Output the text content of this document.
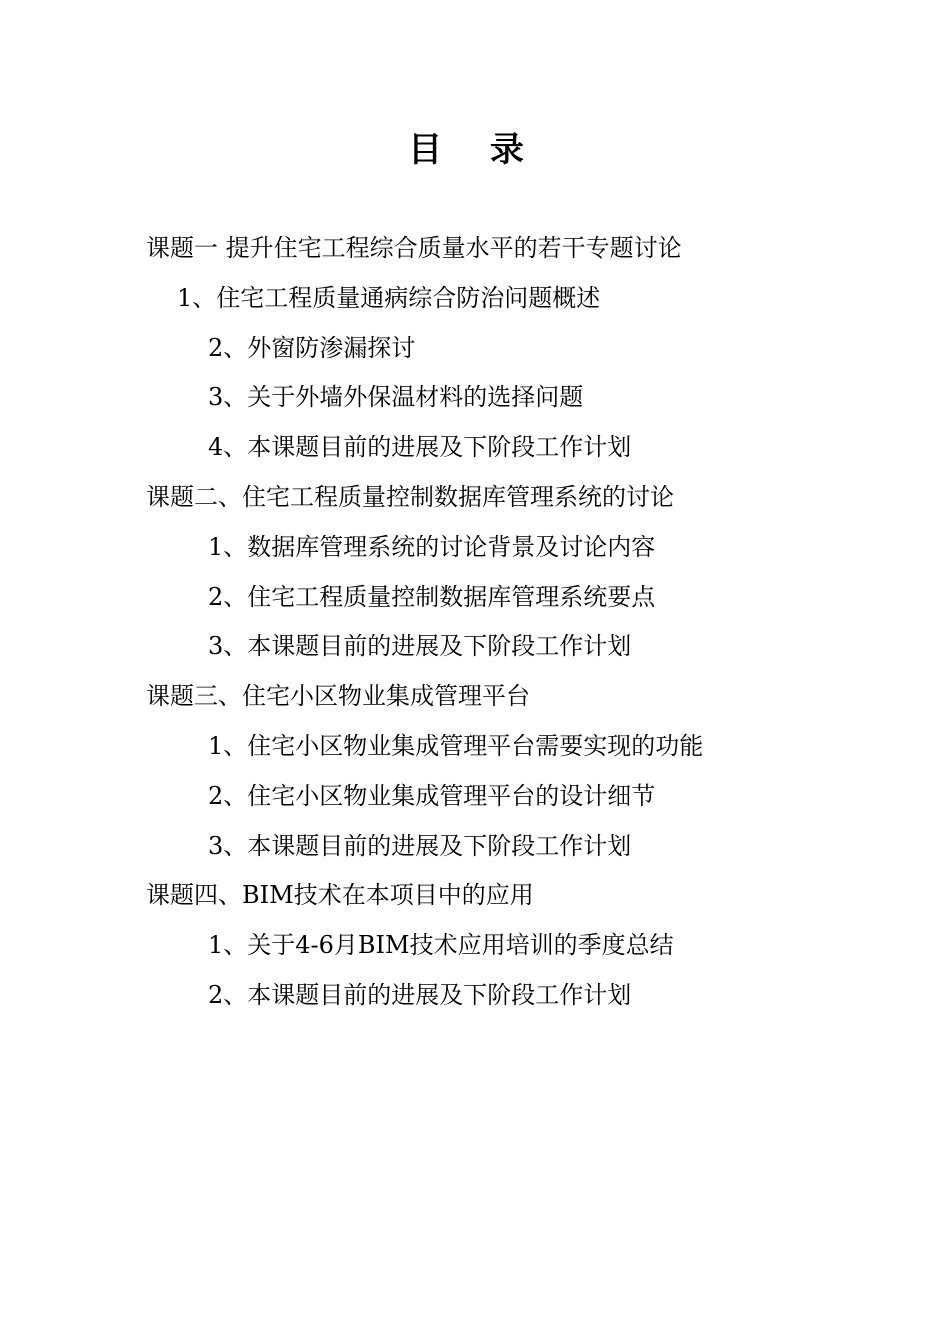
目 录
课题一 提升住宅工程综合质量水平的若干专题讨论
1、住宅工程质量通病综合防治问题概述
2、外窗防渗漏探讨
3、关于外墙外保温材料的选择问题
4、本课题目前的进展及下阶段工作计划
课题二、住宅工程质量控制数据库管理系统的讨论
1、数据库管理系统的讨论背景及讨论内容
2、住宅工程质量控制数据库管理系统要点
3、本课题目前的进展及下阶段工作计划
课题三、住宅小区物业集成管理平台
1、住宅小区物业集成管理平台需要实现的功能
2、住宅小区物业集成管理平台的设计细节
3、本课题目前的进展及下阶段工作计划
课题四、BIM技术在本项目中的应用
1、关于4-6月BIM技术应用培训的季度总结
2、本课题目前的进展及下阶段工作计划
